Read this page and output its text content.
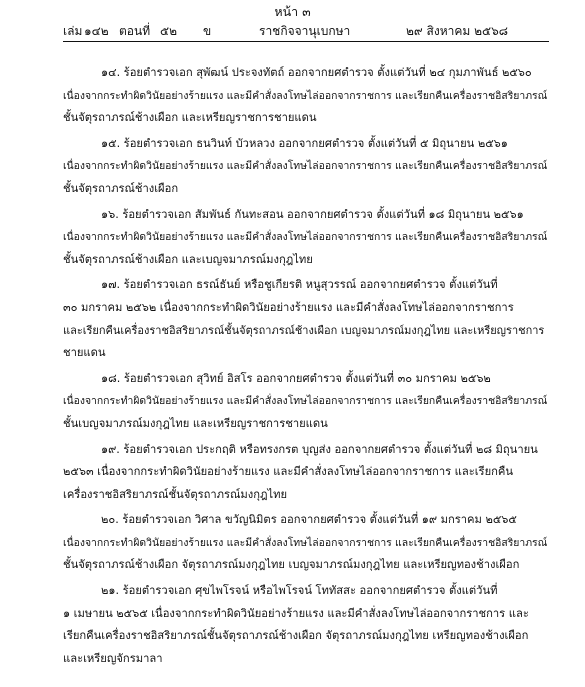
หน้า ๓
เล่ม ๑๔๒ ตอนที่ ๕๒ ข	ราชกิจจานุเบกษา	๒๙ สิงหาคม ๒๕๖๘
๑๔. ร้อยตำรวจเอก สุพัฒน์ ประจงทัตถ์ ออกจากยศตำรวจ ตั้งแต่วันที่ ๒๔ กุมภาพันธ์ ๒๕๖๐
เนื่องจากกระทำผิดวินัยอย่างร้ายแรง และมีคำสั่งลงโทษไล่ออกจากราชการ และเรียกคืนเครื่องราชอิสริยาภรณ์
ชั้นจัตุรถาภรณ์ช้างเผือก และเหรียญราชการชายแดน
๑๕. ร้อยตำรวจเอก ธนวินท์ บัวหลวง ออกจากยศตำรวจ ตั้งแต่วันที่ ๕ มิถุนายน ๒๕๖๑
เนื่องจากกระทำผิดวินัยอย่างร้ายแรง และมีคำสั่งลงโทษไล่ออกจากราชการ และเรียกคืนเครื่องราชอิสริยาภรณ์
ชั้นจัตุรถาภรณ์ช้างเผือก
๑๖. ร้อยตำรวจเอก สัมพันธ์ กันทะสอน ออกจากยศตำรวจ ตั้งแต่วันที่ ๑๘ มิถุนายน ๒๕๖๑
เนื่องจากกระทำผิดวินัยอย่างร้ายแรง และมีคำสั่งลงโทษไล่ออกจากราชการ และเรียกคืนเครื่องราชอิสริยาภรณ์
ชั้นจัตุรถาภรณ์ช้างเผือก และเบญจมาภรณ์มงกุฎไทย
๑๗. ร้อยตำรวจเอก ธรณ์ธันย์ หรือชูเกียรติ หนูสุวรรณ์ ออกจากยศตำรวจ ตั้งแต่วันที่
๓๐ มกราคม ๒๕๖๒ เนื่องจากกระทำผิดวินัยอย่างร้ายแรง และมีคำสั่งลงโทษไล่ออกจากราชการ
และเรียกคืนเครื่องราชอิสริยาภรณ์ชั้นจัตุรถาภรณ์ช้างเผือก เบญจมาภรณ์มงกุฎไทย และเหรียญราชการ
ชายแดน
๑๘. ร้อยตำรวจเอก สุวิทย์ อิสโร ออกจากยศตำรวจ ตั้งแต่วันที่ ๓๐ มกราคม ๒๕๖๒
เนื่องจากกระทำผิดวินัยอย่างร้ายแรง และมีคำสั่งลงโทษไล่ออกจากราชการ และเรียกคืนเครื่องราชอิสริยาภรณ์
ชั้นเบญจมาภรณ์มงกุฎไทย และเหรียญราชการชายแดน
๑๙. ร้อยตำรวจเอก ประกฤติ หรือทรงกรต บุญส่ง ออกจากยศตำรวจ ตั้งแต่วันที่ ๒๘ มิถุนายน
๒๕๖๓ เนื่องจากกระทำผิดวินัยอย่างร้ายแรง และมีคำสั่งลงโทษไล่ออกจากราชการ และเรียกคืน
เครื่องราชอิสริยาภรณ์ชั้นจัตุรถาภรณ์มงกุฎไทย
๒๐. ร้อยตำรวจเอก วิศาล ขวัญนิมิตร ออกจากยศตำรวจ ตั้งแต่วันที่ ๑๙ มกราคม ๒๕๖๕
เนื่องจากกระทำผิดวินัยอย่างร้ายแรง และมีคำสั่งลงโทษไล่ออกจากราชการ และเรียกคืนเครื่องราชอิสริยาภรณ์
ชั้นจัตุรถาภรณ์ช้างเผือก จัตุรถาภรณ์มงกุฎไทย เบญจมาภรณ์มงกุฎไทย และเหรียญทองช้างเผือก
๒๑. ร้อยตำรวจเอก ศุขไพโรจน์ หรือไพโรจน์ โททัสสะ ออกจากยศตำรวจ ตั้งแต่วันที่
๑ เมษายน ๒๕๖๕ เนื่องจากกระทำผิดวินัยอย่างร้ายแรง และมีคำสั่งลงโทษไล่ออกจากราชการ และ
เรียกคืนเครื่องราชอิสริยาภรณ์ชั้นจัตุรถาภรณ์ช้างเผือก จัตุรถาภรณ์มงกุฎไทย เหรียญทองช้างเผือก
และเหรียญจักรมาลา
